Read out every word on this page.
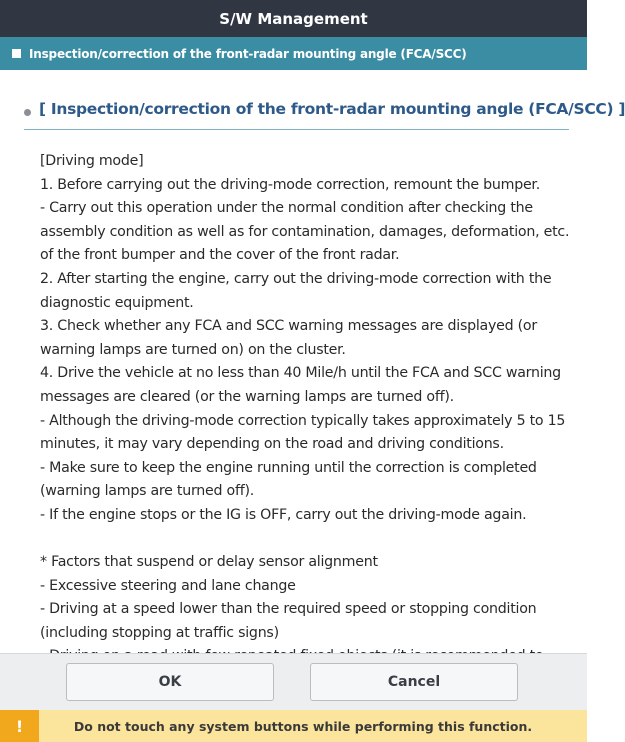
S/W Management
Inspection/correction of the front-radar mounting angle (FCA/SCC)
[ Inspection/correction of the front-radar mounting angle (FCA/SCC) ]
[Driving mode]
1. Before carrying out the driving-mode correction, remount the bumper.
- Carry out this operation under the normal condition after checking the
assembly condition as well as for contamination, damages, deformation, etc.
of the front bumper and the cover of the front radar.
2. After starting the engine, carry out the driving-mode correction with the
diagnostic equipment.
3. Check whether any FCA and SCC warning messages are displayed (or
warning lamps are turned on) on the cluster.
4. Drive the vehicle at no less than 40 Mile/h until the FCA and SCC warning
messages are cleared (or the warning lamps are turned off).
- Although the driving-mode correction typically takes approximately 5 to 15
minutes, it may vary depending on the road and driving conditions.
- Make sure to keep the engine running until the correction is completed
(warning lamps are turned off).
- If the engine stops or the IG is OFF, carry out the driving-mode again.
* Factors that suspend or delay sensor alignment
- Excessive steering and lane change
- Driving at a speed lower than the required speed or stopping condition
(including stopping at traffic signs)
OK	Cancel
!	Do not touch any system buttons while performing this function.
